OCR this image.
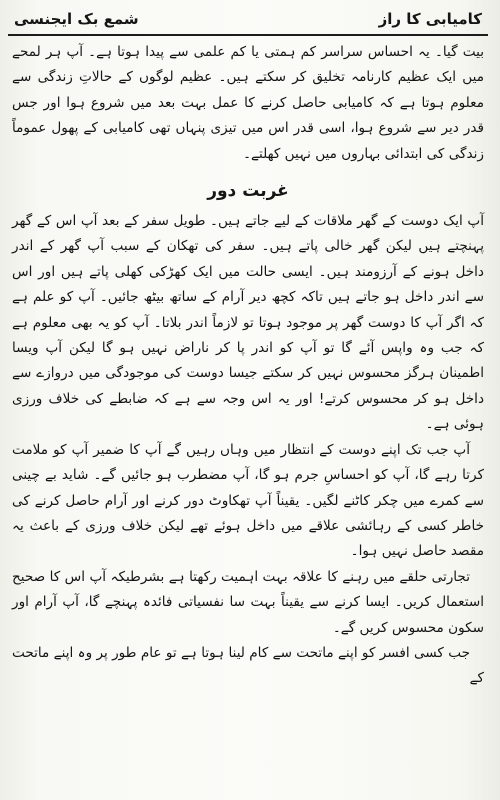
کامیابی کا راز
شمع بک ایجنسی

بیت گیا۔ یہ احساس سراسر کم ہمتی یا کم علمی سے پیدا ہوتا ہے۔ آپ ہر لمحے میں ایک عظیم کارنامہ تخلیق کر سکتے ہیں۔ عظیم لوگوں کے حالاتِ زندگی سے معلوم ہوتا ہے کہ کامیابی حاصل کرنے کا عمل بہت بعد میں شروع ہوا اور جس قدر دیر سے شروع ہوا، اسی قدر اس میں تیزی پنہاں تھی کامیابی کے پھول عموماً زندگی کی ابتدائی بہاروں میں نہیں کھلتے۔

غربت دور

آپ ایک دوست کے گھر ملاقات کے لیے جاتے ہیں۔ طویل سفر کے بعد آپ اس کے گھر پہنچتے ہیں لیکن گھر خالی پاتے ہیں۔ سفر کی تھکان کے سبب آپ گھر کے اندر داخل ہونے کے آرزومند ہیں۔ ایسی حالت میں ایک کھڑکی کھلی پاتے ہیں اور اس سے اندر داخل ہو جاتے ہیں تاکہ کچھ دیر آرام کے ساتھ بیٹھ جائیں۔ آپ کو علم ہے کہ اگر آپ کا دوست گھر پر موجود ہوتا تو لازماً اندر بلاتا۔ آپ کو یہ بھی معلوم ہے کہ جب وہ واپس آئے گا تو آپ کو اندر پا کر ناراض نہیں ہو گا لیکن آپ ویسا اطمینان ہرگز محسوس نہیں کر سکتے جیسا دوست کی موجودگی میں دروازے سے داخل ہو کر محسوس کرتے! اور یہ اس وجہ سے ہے کہ ضابطے کی خلاف ورزی ہوئی ہے۔

آپ جب تک اپنے دوست کے انتظار میں وہاں رہیں گے آپ کا ضمیر آپ کو ملامت کرتا رہے گا، آپ کو احساسِ جرم ہو گا، آپ مضطرب ہو جائیں گے۔ شاید بے چینی سے کمرے میں چکر کاٹنے لگیں۔ یقیناً آپ تھکاوٹ دور کرنے اور آرام حاصل کرنے کی خاطر کسی کے رہائشی علاقے میں داخل ہوئے تھے لیکن خلاف ورزی کے باعث یہ مقصد حاصل نہیں ہوا۔

تجارتی حلقے میں رہنے کا علاقہ بہت اہمیت رکھتا ہے بشرطیکہ آپ اس کا صحیح استعمال کریں۔ ایسا کرنے سے یقیناً بہت سا نفسیاتی فائدہ پہنچے گا، آپ آرام اور سکون محسوس کریں گے۔

جب کسی افسر کو اپنے ماتحت سے کام لینا ہوتا ہے تو عام طور پر وہ اپنے ماتحت کے
